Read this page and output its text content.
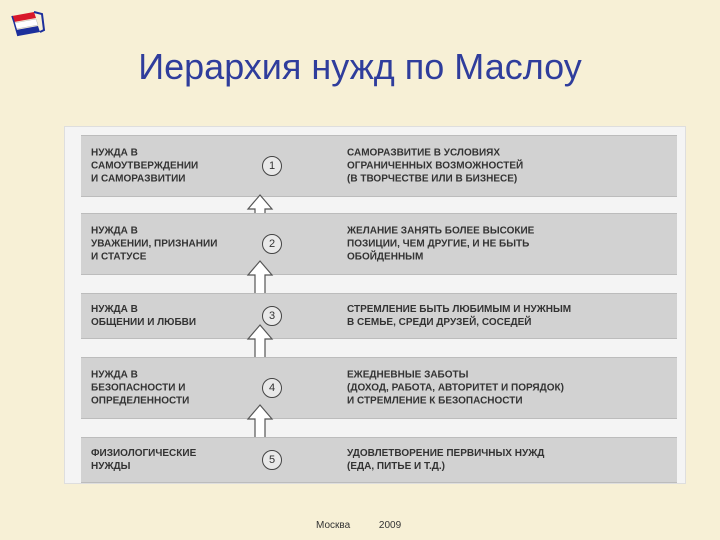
Иерархия нужд по Маслоу
НУЖДА В
САМОУТВЕРЖДЕНИИ
И САМОРАЗВИТИИ
1
САМОРАЗВИТИЕ В УСЛОВИЯХ
ОГРАНИЧЕННЫХ ВОЗМОЖНОСТЕЙ
(В ТВОРЧЕСТВЕ ИЛИ В БИЗНЕСЕ)
НУЖДА В
УВАЖЕНИИ, ПРИЗНАНИИ
И СТАТУСЕ
2
ЖЕЛАНИЕ ЗАНЯТЬ БОЛЕЕ ВЫСОКИЕ
ПОЗИЦИИ, ЧЕМ ДРУГИЕ, И НЕ БЫТЬ
ОБОЙДЕННЫМ
НУЖДА В
ОБЩЕНИИ И ЛЮБВИ
3
СТРЕМЛЕНИЕ БЫТЬ ЛЮБИМЫМ И НУЖНЫМ
В СЕМЬЕ, СРЕДИ ДРУЗЕЙ, СОСЕДЕЙ
НУЖДА В
БЕЗОПАСНОСТИ И
ОПРЕДЕЛЕННОСТИ
4
ЕЖЕДНЕВНЫЕ ЗАБОТЫ
(ДОХОД, РАБОТА, АВТОРИТЕТ И ПОРЯДОК)
И СТРЕМЛЕНИЕ К БЕЗОПАСНОСТИ
ФИЗИОЛОГИЧЕСКИЕ
НУЖДЫ
5
УДОВЛЕТВОРЕНИЕ ПЕРВИЧНЫХ НУЖД
(ЕДА, ПИТЬЕ И Т.Д.)
Москва	2009
